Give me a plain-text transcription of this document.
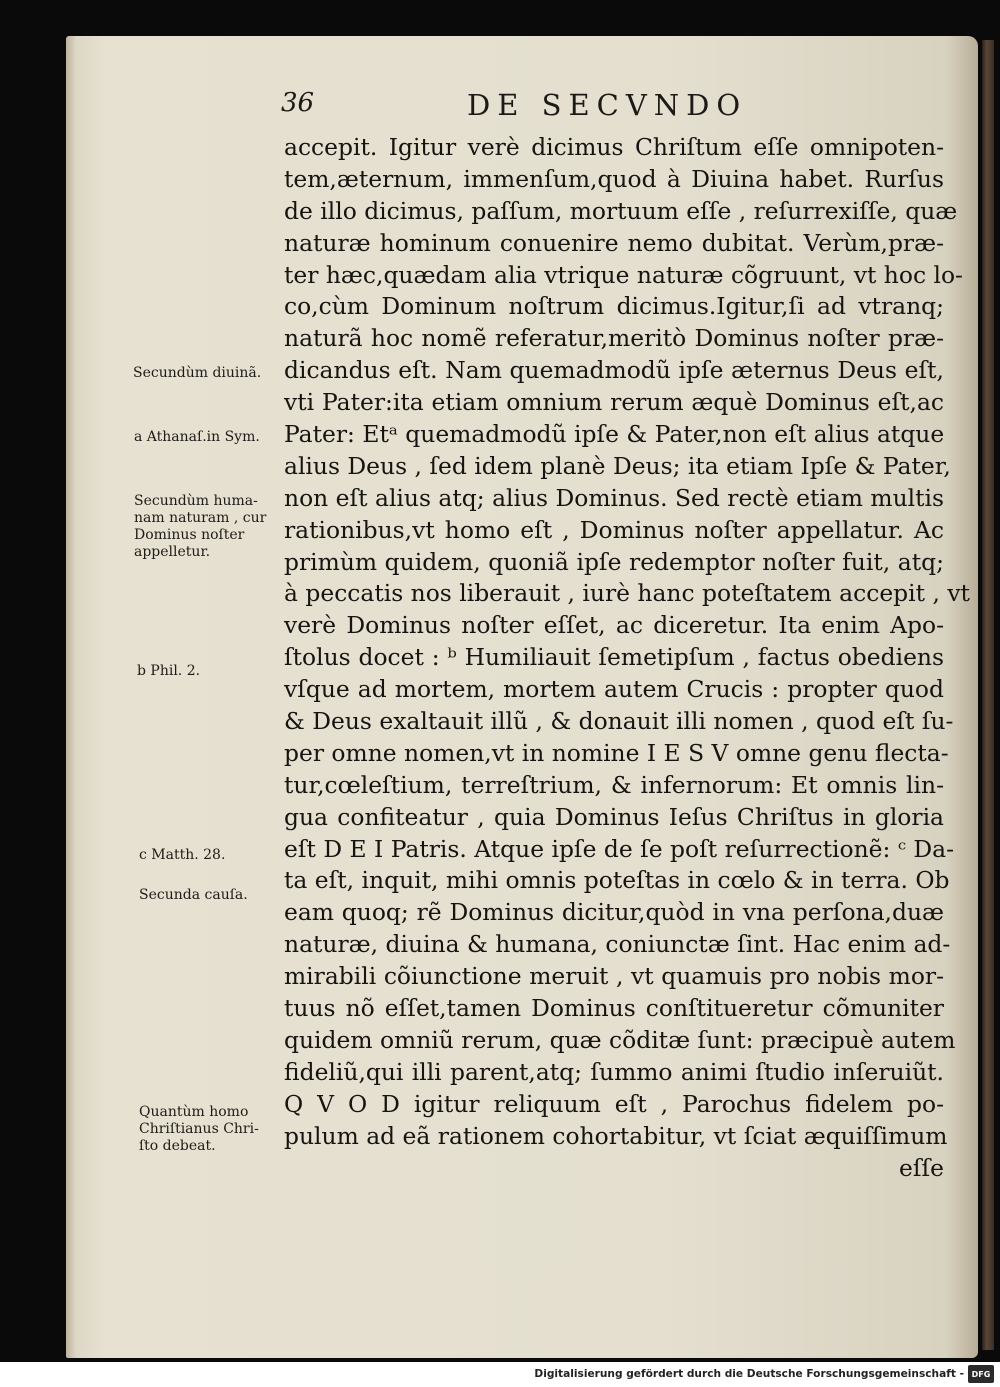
36	DE SECVNDO
Secundùm diuinã.
a Athanaſ.in Sym.
Secundùm huma-
nam naturam , cur
Dominus noſter
appelletur.
b Phil. 2.
c Matth. 28.
Secunda cauſa.
Quantùm homo
Chriſtianus Chri-
ſto debeat.
accepit. Igitur verè dicimus Chriſtum eſſe omnipoten-
tem,æternum, immenſum,quod à Diuina habet. Rurſus
de illo dicimus, paſſum, mortuum eſſe , reſurrexiſſe, quæ
naturæ hominum conuenire nemo dubitat. Verùm,præ-
ter hæc,quædam alia vtrique naturæ cõgruunt, vt hoc lo-
co,cùm Dominum noſtrum dicimus.Igitur,ſi ad vtranq;
naturã hoc nomẽ referatur,meritò Dominus noſter præ-
dicandus eſt. Nam quemadmodũ ipſe æternus Deus eſt,
vti Pater:ita etiam omnium rerum æquè Dominus eſt,ac
Pater: Etᵃ quemadmodũ ipſe & Pater,non eſt alius atque
alius Deus , ſed idem planè Deus; ita etiam Ipſe & Pater,
non eſt alius atq; alius Dominus. Sed rectè etiam multis
rationibus,vt homo eſt , Dominus noſter appellatur. Ac
primùm quidem, quoniã ipſe redemptor noſter fuit, atq;
à peccatis nos liberauit , iurè hanc poteſtatem accepit , vt
verè Dominus noſter eſſet, ac diceretur. Ita enim Apo-
ſtolus docet : ᵇ Humiliauit ſemetipſum , factus obediens
vſque ad mortem, mortem autem Crucis : propter quod
& Deus exaltauit illũ , & donauit illi nomen , quod eſt ſu-
per omne nomen,vt in nomine I E S V omne genu flecta-
tur,cœleſtium, terreſtrium, & infernorum: Et omnis lin-
gua confiteatur , quia Dominus Ieſus Chriſtus in gloria
eſt D E I Patris. Atque ipſe de ſe poſt reſurrectionẽ: ᶜ Da-
ta eſt, inquit, mihi omnis poteſtas in cœlo & in terra. Ob
eam quoq; rẽ Dominus dicitur,quòd in vna perſona,duæ
naturæ, diuina & humana, coniunctæ ſint. Hac enim ad-
mirabili cõiunctione meruit , vt quamuis pro nobis mor-
tuus nõ eſſet,tamen Dominus conſtitueretur cõmuniter
quidem omniũ rerum, quæ cõditæ ſunt: præcipuè autem
fideliũ,qui illi parent,atq; ſummo animi ſtudio inſeruiũt.
Q V O D igitur reliquum eſt , Parochus fidelem po-
pulum ad eã rationem cohortabitur, vt ſciat æquiſſimum
eſſe
Digitalisierung gefördert durch die Deutsche Forschungsgemeinschaft - DFG
